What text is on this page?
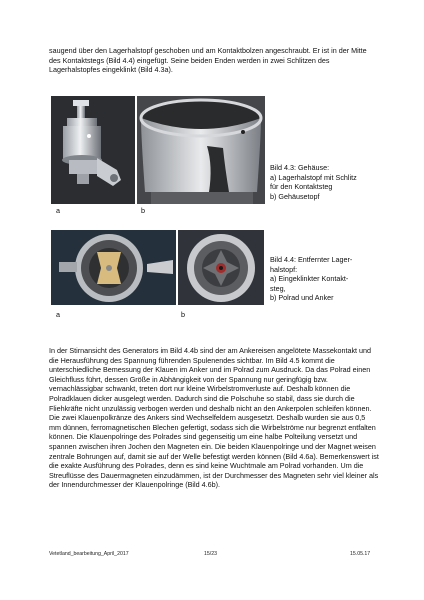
saugend über den Lagerhalstopf geschoben und am Kontaktbolzen angeschraubt. Er ist in der Mitte des Kontaktstegs (Bild 4.4) eingefügt. Seine beiden Enden werden in zwei Schlitzen des Lagerhalstopfes eingeklinkt (Bild 4.3a).
a	b
Bild 4.3: Gehäuse:
a) Lagerhalstopf mit Schlitz
für den Kontaktsteg
b) Gehäusetopf
a	b
Bild 4.4: Entfernter Lager-
halstopf:
a) Eingeklinkter Kontakt-
steg,
b) Polrad und Anker
In der Stirnansicht des Generators im Bild 4.4b sind der am Ankereisen angelötete Massekontakt und die Herausführung des Spannung führenden Spulenendes sichtbar. Im Bild 4.5 kommt die unterschiedliche Bemessung der Klauen im Anker und im Polrad zum Ausdruck. Da das Polrad einen Gleichfluss führt, dessen Größe in Abhängigkeit von der Spannung nur geringfügig bzw. vernachlässigbar schwankt, treten dort nur kleine Wirbelstromverluste auf. Deshalb können die Polradklauen dicker ausgelegt werden. Dadurch sind die Polschuhe so stabil, dass sie durch die Fliehkräfte nicht unzulässig verbogen werden und deshalb nicht an den Ankerpolen schleifen können. Die zwei Klauenpolkränze des Ankers sind Wechselfeldern ausgesetzt. Deshalb wurden sie aus 0,5 mm dünnen, ferromagnetischen Blechen gefertigt, sodass sich die Wirbelströme nur begrenzt entfalten können. Die Klauenpolringe des Polrades sind gegenseitig um eine halbe Polteilung versetzt und spannen zwischen ihren Jochen den Magneten ein. Die beiden Klauenpolringe und der Magnet weisen zentrale Bohrungen auf, damit sie auf der Welle befestigt werden können (Bild 4.6a). Bemerkenswert ist die exakte Ausführung des Polrades, denn es sind keine Wuchtmale am Polrad vorhanden. Um die Streuflüsse des Dauermagneten einzudämmen, ist der Durchmesser des Magneten sehr viel kleiner als der Innendurchmesser der Klauenpolringe (Bild 4.6b).
Vetetland_bearbeitung_April_2017	15/23	15.05.17
